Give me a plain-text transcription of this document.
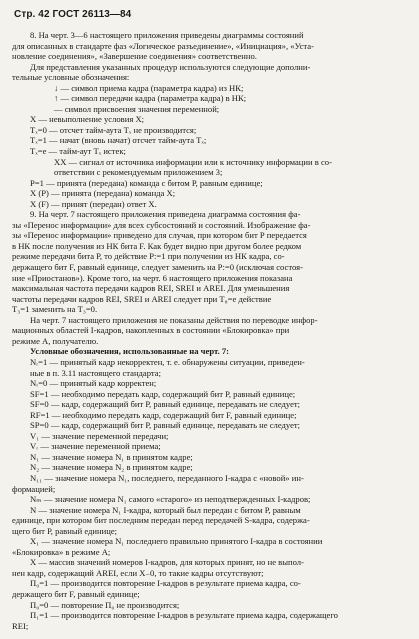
Стр. 42 ГОСТ 26113—84
8. На черт. 3—6 настоящего приложения приведены диаграммы состояний
для описанных в стандарте фаз «Логическое разъединение», «Инициация», «Уста-
новление соединения», «Завершение соединения» соответственно.
Для представления указанных процедур используются следующие дополни-
тельные условные обозначения:
↓ — символ приема кадра (параметра кадра) из НК;
↑ — символ передачи кадра (параметра кадра) в НК;
— символ присвоения значения переменной;
X — невыполнение условия X;
Tₓ=0 — отсчет тайм-аута Tₓ не производится;
Tₓ=1 — начат (вновь начат) отсчет тайм-аута Tₓ;
Tₓ=е — тайм-аут Tₓ истек;
XX — сигнал от источника информации или к источнику информации в со-
ответствии с рекомендуемым приложением 3;
P=1 — принята (передана) команда с битом Р, равным единице;
X (P) — принята (передана) команда X;
X (F) — принят (передан) ответ X.
9. На черт. 7 настоящего приложения приведена диаграмма состояния фа-
зы «Перенос информации» для всех субсостояний и состояний. Изображение фа-
зы «Перенос информации» приведено для случая, при котором бит Р передается
в НК после получения из НК бита F. Как будет видно при другом более редком
режиме передачи бита Р, то действие P:=1 при получении из НК кадра, со-
держащего бит F, равный единице, следует заменить на P:=0 (исключая состоя-
ние «Приостанов»). Кроме того, на черт. 6 настоящего приложения показана
максимальная частота передачи кадров REI, SREI и AREI. Для уменьшения
частоты передачи кадров REI, SREI и AREI следует при T₈=е действие
T₃=1 заменить на T₃=0.
На черт. 7 настоящего приложения не показаны действия по переводке инфор-
мационных областей I-кадров, накопленных в состоянии «Блокировка» при
режиме А, получателю.
Условные обозначения, использованные на черт. 7:
Nᵣ=1 — принятый кадр некорректен, т. е. обнаружены ситуации, приведен-
ные в п. 3.11 настоящего стандарта;
Nᵣ=0 — принятый кадр корректен;
SF=1 — необходимо передать кадр, содержащий бит Р, равный единице;
SF=0 — кадр, содержащий бит Р, равный единице, передавать не следует;
RF=1 — необходимо передать кадр, содержащий бит F, равный единице;
SP=0 — кадр, содержащий бит Р, равный единице, передавать не следует;
V₁ — значение переменной передачи;
Vᵣ — значение переменной приема;
N₁ — значение номера N₁ в принятом кадре;
N₂ — значение номера N₂ в принятом кадре;
N₁₁ — значение номера N₁, последнего, переданного I-кадра с «новой» ин-
формацией;
Nₘ — значение номера N₁ самого «старого» из неподтвержденных I-кадров;
N — значение номера N₁ I-кадра, который был передан с битом Р, равным
единице, при котором бит последним передан перед передачей S-кадра, содержа-
щего бит Р, равный единице;
X₁ — значение номера N₁ последнего правильно принятого I-кадра в состоянии
«Блокировка» в режиме А;
X — массив значений номеров I-кадров, для которых принят, но не выпол-
нен кадр, содержащий AREI, если X₋0, то такие кадры отсутствуют;
Π₀=1 — производится повторение I-кадров в результате приема кадра, со-
держащего бит F, равный единице;
Π₀=0 — повторение Π₀ не производится;
Π₁=1 — производится повторение I-кадров в результате приема кадра, содержащего
REI;
